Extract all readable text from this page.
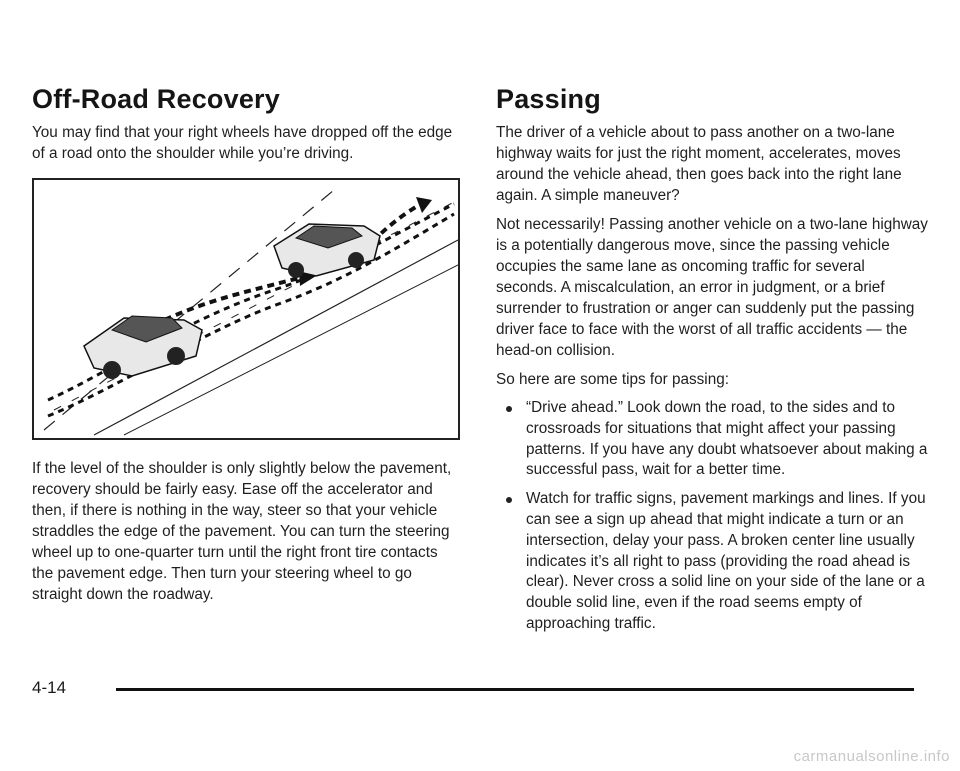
Off-Road Recovery

You may find that your right wheels have dropped off the edge of a road onto the shoulder while you’re driving.

If the level of the shoulder is only slightly below the pavement, recovery should be fairly easy. Ease off the accelerator and then, if there is nothing in the way, steer so that your vehicle straddles the edge of the pavement. You can turn the steering wheel up to one-quarter turn until the right front tire contacts the pavement edge. Then turn your steering wheel to go straight down the roadway.

Passing

The driver of a vehicle about to pass another on a two-lane highway waits for just the right moment, accelerates, moves around the vehicle ahead, then goes back into the right lane again. A simple maneuver?

Not necessarily! Passing another vehicle on a two-lane highway is a potentially dangerous move, since the passing vehicle occupies the same lane as oncoming traffic for several seconds. A miscalculation, an error in judgment, or a brief surrender to frustration or anger can suddenly put the passing driver face to face with the worst of all traffic accidents — the head-on collision.

So here are some tips for passing:

“Drive ahead.” Look down the road, to the sides and to crossroads for situations that might affect your passing patterns. If you have any doubt whatsoever about making a successful pass, wait for a better time.

Watch for traffic signs, pavement markings and lines. If you can see a sign up ahead that might indicate a turn or an intersection, delay your pass. A broken center line usually indicates it’s all right to pass (providing the road ahead is clear). Never cross a solid line on your side of the lane or a double solid line, even if the road seems empty of approaching traffic.

4-14
carmanualsonline.info
